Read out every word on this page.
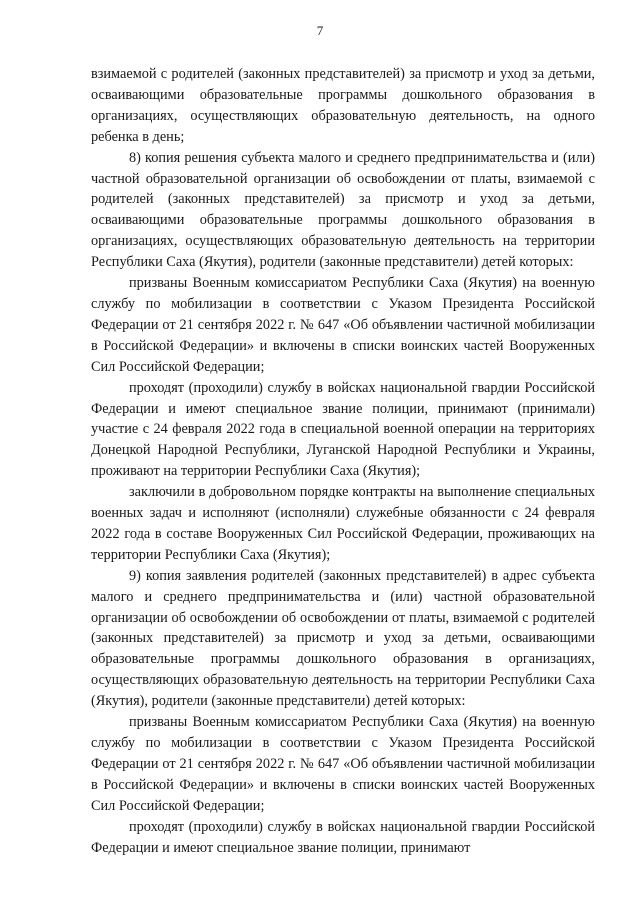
7

взимаемой с родителей (законных представителей) за присмотр и уход за детьми, осваивающими образовательные программы дошкольного образования в организациях, осуществляющих образовательную деятельность, на одного ребенка в день;

8) копия решения субъекта малого и среднего предпринимательства и (или) частной образовательной организации об освобождении от платы, взимаемой с родителей (законных представителей) за присмотр и уход за детьми, осваивающими образовательные программы дошкольного образования в организациях, осуществляющих образовательную деятельность на территории Республики Саха (Якутия), родители (законные представители) детей которых:

призваны Военным комиссариатом Республики Саха (Якутия) на военную службу по мобилизации в соответствии с Указом Президента Российской Федерации от 21 сентября 2022 г. № 647 «Об объявлении частичной мобилизации в Российской Федерации» и включены в списки воинских частей Вооруженных Сил Российской Федерации;

проходят (проходили) службу в войсках национальной гвардии Российской Федерации и имеют специальное звание полиции, принимают (принимали) участие с 24 февраля 2022 года в специальной военной операции на территориях Донецкой Народной Республики, Луганской Народной Республики и Украины, проживают на территории Республики Саха (Якутия);

заключили в добровольном порядке контракты на выполнение специальных военных задач и исполняют (исполняли) служебные обязанности с 24 февраля 2022 года в составе Вооруженных Сил Российской Федерации, проживающих на территории Республики Саха (Якутия);

9) копия заявления родителей (законных представителей) в адрес субъекта малого и среднего предпринимательства и (или) частной образовательной организации об освобождении об освобождении от платы, взимаемой с родителей (законных представителей) за присмотр и уход за детьми, осваивающими образовательные программы дошкольного образования в организациях, осуществляющих образовательную деятельность на территории Республики Саха (Якутия), родители (законные представители) детей которых:

призваны Военным комиссариатом Республики Саха (Якутия) на военную службу по мобилизации в соответствии с Указом Президента Российской Федерации от 21 сентября 2022 г. № 647 «Об объявлении частичной мобилизации в Российской Федерации» и включены в списки воинских частей Вооруженных Сил Российской Федерации;

проходят (проходили) службу в войсках национальной гвардии Российской Федерации и имеют специальное звание полиции, принимают
